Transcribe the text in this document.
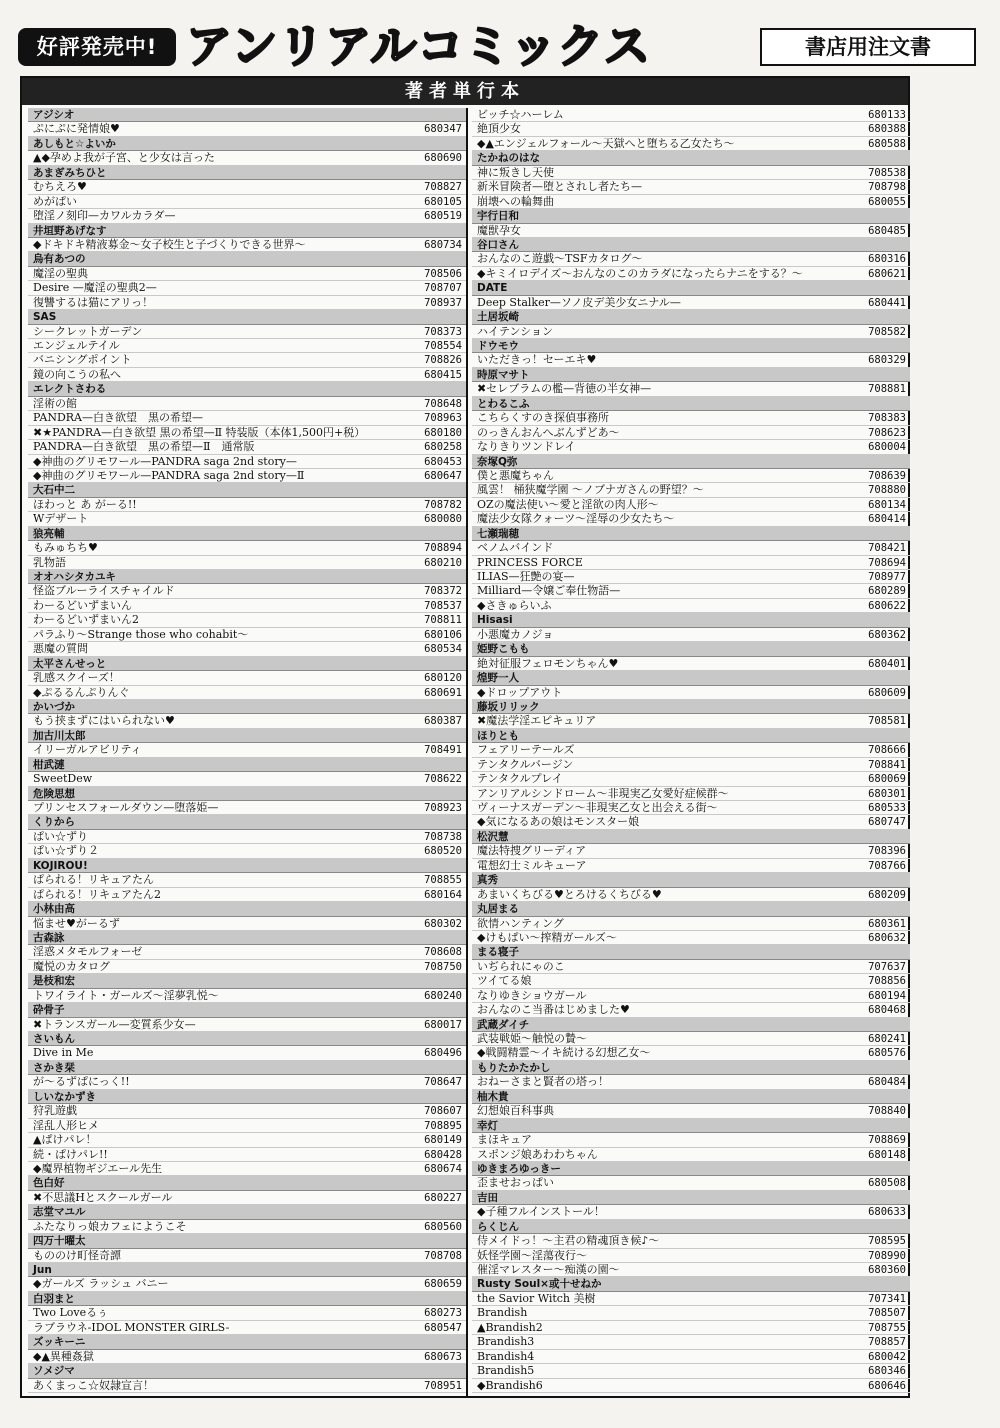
好評発売中! アンリアルコミックス	書店用注文書
著者単行本
アジシオ
ぷにぷに発情娘♥	680347
あしもと☆よいか
▲◆孕めよ我が子宮、と少女は言った	680690
あまぎみちひと
むちえろ♥	708827
めがぱい	680105
堕淫ノ刻印—カワルカラダ—	680519
井垣野あげなす
◆ドキドキ精液募金〜女子校生と子づくりできる世界〜	680734
烏有あつの
魔淫の聖典	708506
Desire —魔淫の聖典2—	708707
復讐するは猫にアリっ！	708937
SAS
シークレットガーデン	708373
エンジェルテイル	708554
バニシングポイント	708826
鏡の向こうの私へ	680415
エレクトさわる
淫術の館	708648
PANDRA—白き欲望　黒の希望—	708963
✖★PANDRA—白き欲望 黒の希望—Ⅱ 特装版（本体1,500円+税）	680180
PANDRA—白き欲望　黒の希望—Ⅱ　通常版	680258
◆神曲のグリモワール—PANDRA saga 2nd story—	680453
◆神曲のグリモワール—PANDRA saga 2nd story—Ⅱ	680647
大石中二
ほわっと あ がーる!!	708782
Wデザート	680080
狼亮輔
もみゅちち♥	708894
乳物語	680210
オオハシタカユキ
怪盗ブルーライスチャイルド	708372
わーるどいずまいん	708537
わーるどいずまいん2	708811
パラふり〜Strange those who cohabit〜	680106
悪魔の質問	680534
太平さんせっと
乳感スクイーズ！	680120
◆ぷるるんぷりんぐ	680691
かいづか
もう挟まずにはいられない♥	680387
加古川太郎
イリーガルアビリティ	708491
柑武漣
SweetDew	708622
危険思想
プリンセスフォールダウン—堕落姫—	708923
くりから
ぱい☆ずり	708738
ぱい☆ずり２	680520
KOJIROU!
ぱられる！リキュアたん	708855
ぱられる！リキュアたん2	680164
小林由高
悩ませ♥がーるず	680302
古森詠
淫惑メタモルフォーゼ	708608
魔悦のカタログ	708750
是枝和宏
トワイライト・ガールズ〜淫夢乳悦〜	680240
砕骨子
✖トランスガール—変質系少女—	680017
さいもん
Dive in Me	680496
さかき栞
が〜るずぱにっく!!	708647
しいなかずき
狩乳遊戯	708607
淫乱人形ヒメ	708895
▲ぱけパレ！	680149
続・ぱけパレ!!	680428
◆魔界植物ギジエール先生	680674
色白好
✖不思議Hとスクールガール	680227
志堂マユル
ふたなりっ娘カフェにようこそ	680560
四万十曜太
もののけ町怪奇譚	708708
Jun
◆ガールズ ラッシュ バニー	680659
白羽まと
Two Loveるぅ	680273
ラブラウネ-IDOL MONSTER GIRLS-	680547
ズッキーニ
◆▲異種姦獄	680673
ソメジマ
あくまっこ☆奴隷宣言！	708951
ビッチ☆ハーレム	680133
絶頂少女	680388
◆▲エンジェルフォール〜天獄へと堕ちる乙女たち〜	680588
たかねのはな
神に叛きし天使	708538
新米冒険者—堕とされし者たち—	708798
崩壊への輪舞曲	680055
宇行日和
魔獣孕女	680485
谷口さん
おんなのこ遊戯〜TSFカタログ〜	680316
◆キミイロデイズ〜おんなのこのカラダになったらナニをする？〜	680621
DATE
Deep Stalker—ソノ皮デ美少女ニナル—	680441
土居坂崎
ハイテンション	708582
ドウモウ
いただきっ！セーエキ♥	680329
時原マサト
✖セレブラムの檻—背徳の半女神—	708881
とわるこふ
こちらくすのき探偵事務所	708383
のっきんおんへぶんずどあ〜	708623
なりきりツンドレイ	680004
奈塚Q弥
僕と悪魔ちゃん	708639
風雲！ 桶狭魔学園 〜ノブナガさんの野望？〜	708880
OZの魔法使い〜愛と淫欲の肉人形〜	680134
魔法少女隊クォーツ〜淫辱の少女たち〜	680414
七瀬瑞穂
ベノムバインド	708421
PRINCESS FORCE	708694
ILIAS—狂艶の宴—	708977
Milliard—令嬢ご奉仕物語—	680289
◆さきゅらいふ	680622
Hisasi
小悪魔カノジョ	680362
姫野こもも
絶対征服フェロモンちゃん♥	680401
煌野一人
◆ドロップアウト	680609
藤坂リリック
✖魔法学淫エピキュリア	708581
ほりとも
フェアリーテールズ	708666
テンタクルバージン	708841
テンタクルプレイ	680069
アンリアルシンドローム〜非現実乙女愛好症候群〜	680301
ヴィーナスガーデン〜非現実乙女と出会える街〜	680533
◆気になるあの娘はモンスター娘	680747
松沢慧
魔法特捜グリーディア	708396
電想幻士ミルキューア	708766
真秀
あまいくちびる♥とろけるくちびる♥	680209
丸居まる
欲情ハンティング	680361
◆けもぱい〜搾精ガールズ〜	680632
まる寝子
いぢられにゃのこ	707637
ツイてる娘	708856
なりゆきショウガール	680194
おんなのこ当番はじめました♥	680468
武蔵ダイチ
武装戦姫〜触悦の贄〜	680241
◆戦闘精霊〜イキ続ける幻想乙女〜	680576
もりたかたかし
おねーさまと賢者の塔っ！	680484
柚木貴
幻想娘百科事典	708840
幸灯
まほキュア	708869
スポンジ娘あわわちゃん	680148
ゆきまろゆっきー
歪ませおっぱい	680508
吉田
◆子種フルインストール！	680633
らくじん
侍メイドっ！〜主君の精魂頂き候♪〜	708595
妖怪学園〜淫蕩夜行〜	708990
催淫マレスター〜痴漢の園〜	680360
Rusty Soul×或十せねか
the Savior Witch 美樹	707341
Brandish	708507
▲Brandish2	708755
Brandish3	708857
Brandish4	680042
Brandish5	680346
◆Brandish6	680646
